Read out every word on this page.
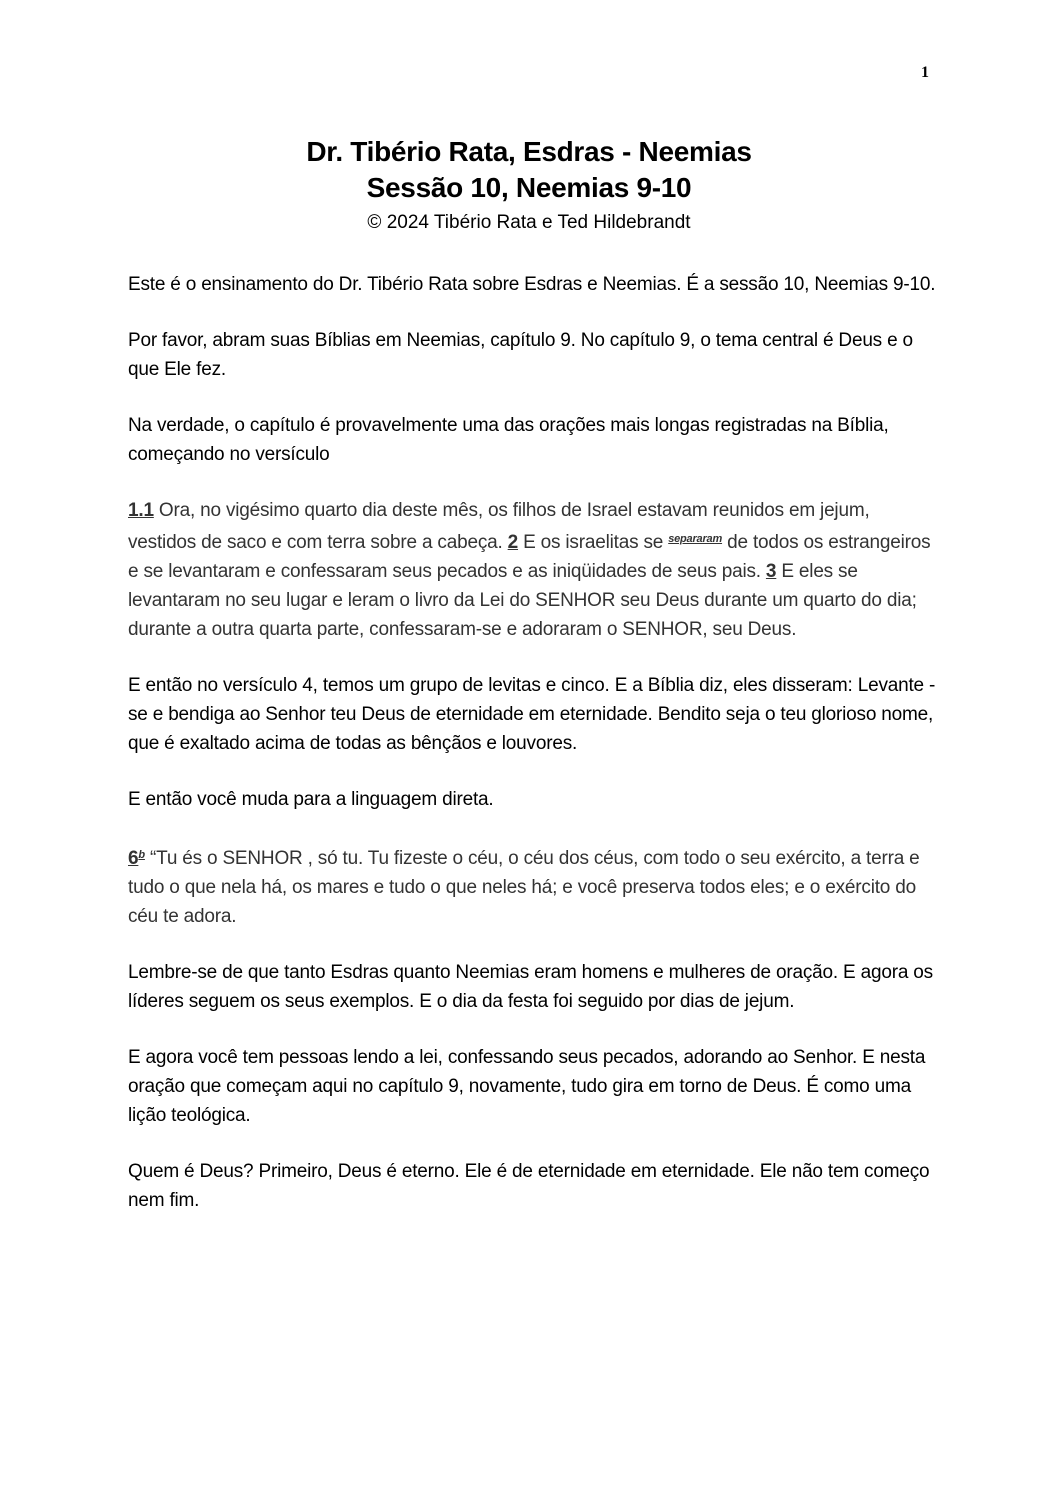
1
Dr. Tibério Rata, Esdras - Neemias
Sessão 10, Neemias 9-10
© 2024 Tibério Rata e Ted Hildebrandt

Este é o ensinamento do Dr. Tibério Rata sobre Esdras e Neemias. É a sessão 10, Neemias 9-10.

Por favor, abram suas Bíblias em Neemias, capítulo 9. No capítulo 9, o tema central é Deus e o que Ele fez.

Na verdade, o capítulo é provavelmente uma das orações mais longas registradas na Bíblia, começando no versículo

1.1 Ora, no vigésimo quarto dia deste mês, os filhos de Israel estavam reunidos em jejum, vestidos de saco e com terra sobre a cabeça. 2 E os israelitas se $^{separaram}$ de todos os estrangeiros e se levantaram e confessaram seus pecados e as iniqüidades de seus pais. 3 E eles se levantaram no seu lugar e leram o livro da Lei do SENHOR seu Deus durante um quarto do dia; durante a outra quarta parte, confessaram-se e adoraram o SENHOR, seu Deus.

E então no versículo 4, temos um grupo de levitas e cinco. E a Bíblia diz, eles disseram: Levante -se e bendiga ao Senhor teu Deus de eternidade em eternidade. Bendito seja o teu glorioso nome, que é exaltado acima de todas as bênçãos e louvores.

E então você muda para a linguagem direta.

6$^b$ “Tu és o SENHOR , só tu. Tu fizeste o céu, o céu dos céus, com todo o seu exército, a terra e tudo o que nela há, os mares e tudo o que neles há; e você preserva todos eles; e o exército do céu te adora.

Lembre-se de que tanto Esdras quanto Neemias eram homens e mulheres de oração. E agora os líderes seguem os seus exemplos. E o dia da festa foi seguido por dias de jejum.

E agora você tem pessoas lendo a lei, confessando seus pecados, adorando ao Senhor. E nesta oração que começam aqui no capítulo 9, novamente, tudo gira em torno de Deus. É como uma lição teológica.

Quem é Deus? Primeiro, Deus é eterno. Ele é de eternidade em eternidade. Ele não tem começo nem fim.
